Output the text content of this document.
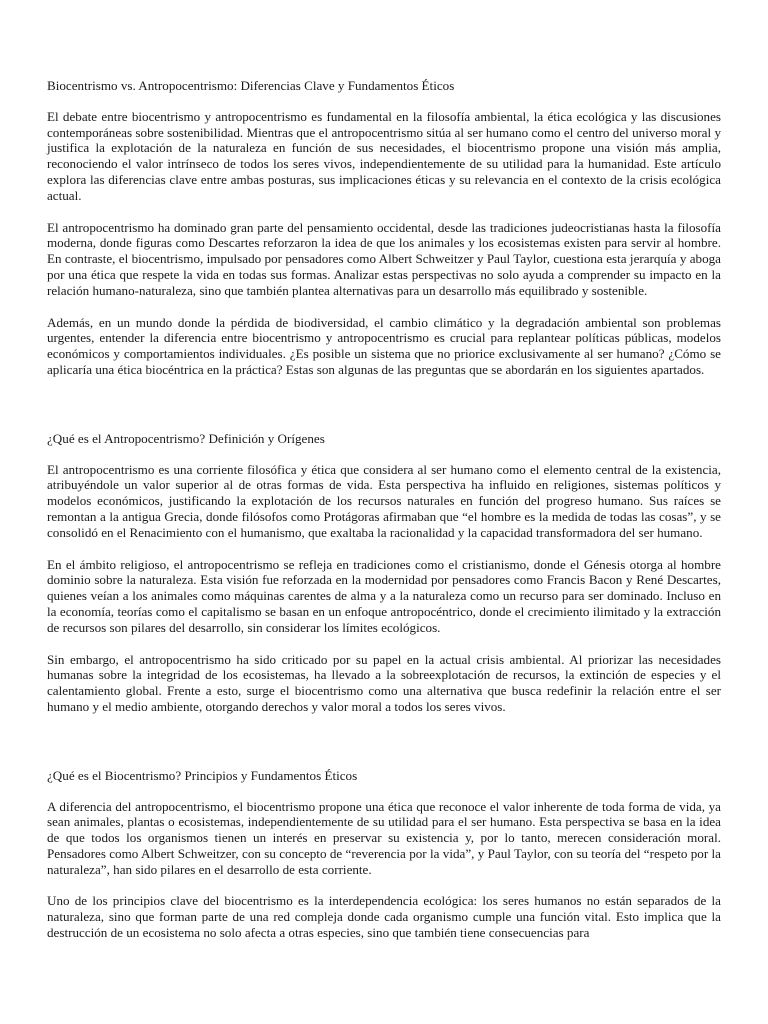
Biocentrismo vs. Antropocentrismo: Diferencias Clave y Fundamentos Éticos

El debate entre biocentrismo y antropocentrismo es fundamental en la filosofía ambiental, la ética ecológica y las discusiones contemporáneas sobre sostenibilidad. Mientras que el antropocentrismo sitúa al ser humano como el centro del universo moral y justifica la explotación de la naturaleza en función de sus necesidades, el biocentrismo propone una visión más amplia, reconociendo el valor intrínseco de todos los seres vivos, independientemente de su utilidad para la humanidad. Este artículo explora las diferencias clave entre ambas posturas, sus implicaciones éticas y su relevancia en el contexto de la crisis ecológica actual.

El antropocentrismo ha dominado gran parte del pensamiento occidental, desde las tradiciones judeocristianas hasta la filosofía moderna, donde figuras como Descartes reforzaron la idea de que los animales y los ecosistemas existen para servir al hombre. En contraste, el biocentrismo, impulsado por pensadores como Albert Schweitzer y Paul Taylor, cuestiona esta jerarquía y aboga por una ética que respete la vida en todas sus formas. Analizar estas perspectivas no solo ayuda a comprender su impacto en la relación humano-naturaleza, sino que también plantea alternativas para un desarrollo más equilibrado y sostenible.

Además, en un mundo donde la pérdida de biodiversidad, el cambio climático y la degradación ambiental son problemas urgentes, entender la diferencia entre biocentrismo y antropocentrismo es crucial para replantear políticas públicas, modelos económicos y comportamientos individuales. ¿Es posible un sistema que no priorice exclusivamente al ser humano? ¿Cómo se aplicaría una ética biocéntrica en la práctica? Estas son algunas de las preguntas que se abordarán en los siguientes apartados.

¿Qué es el Antropocentrismo? Definición y Orígenes

El antropocentrismo es una corriente filosófica y ética que considera al ser humano como el elemento central de la existencia, atribuyéndole un valor superior al de otras formas de vida. Esta perspectiva ha influido en religiones, sistemas políticos y modelos económicos, justificando la explotación de los recursos naturales en función del progreso humano. Sus raíces se remontan a la antigua Grecia, donde filósofos como Protágoras afirmaban que “el hombre es la medida de todas las cosas”, y se consolidó en el Renacimiento con el humanismo, que exaltaba la racionalidad y la capacidad transformadora del ser humano.

En el ámbito religioso, el antropocentrismo se refleja en tradiciones como el cristianismo, donde el Génesis otorga al hombre dominio sobre la naturaleza. Esta visión fue reforzada en la modernidad por pensadores como Francis Bacon y René Descartes, quienes veían a los animales como máquinas carentes de alma y a la naturaleza como un recurso para ser dominado. Incluso en la economía, teorías como el capitalismo se basan en un enfoque antropocéntrico, donde el crecimiento ilimitado y la extracción de recursos son pilares del desarrollo, sin considerar los límites ecológicos.

Sin embargo, el antropocentrismo ha sido criticado por su papel en la actual crisis ambiental. Al priorizar las necesidades humanas sobre la integridad de los ecosistemas, ha llevado a la sobreexplotación de recursos, la extinción de especies y el calentamiento global. Frente a esto, surge el biocentrismo como una alternativa que busca redefinir la relación entre el ser humano y el medio ambiente, otorgando derechos y valor moral a todos los seres vivos.

¿Qué es el Biocentrismo? Principios y Fundamentos Éticos

A diferencia del antropocentrismo, el biocentrismo propone una ética que reconoce el valor inherente de toda forma de vida, ya sean animales, plantas o ecosistemas, independientemente de su utilidad para el ser humano. Esta perspectiva se basa en la idea de que todos los organismos tienen un interés en preservar su existencia y, por lo tanto, merecen consideración moral. Pensadores como Albert Schweitzer, con su concepto de “reverencia por la vida”, y Paul Taylor, con su teoría del “respeto por la naturaleza”, han sido pilares en el desarrollo de esta corriente.

Uno de los principios clave del biocentrismo es la interdependencia ecológica: los seres humanos no están separados de la naturaleza, sino que forman parte de una red compleja donde cada organismo cumple una función vital. Esto implica que la destrucción de un ecosistema no solo afecta a otras especies, sino que también tiene consecuencias para
